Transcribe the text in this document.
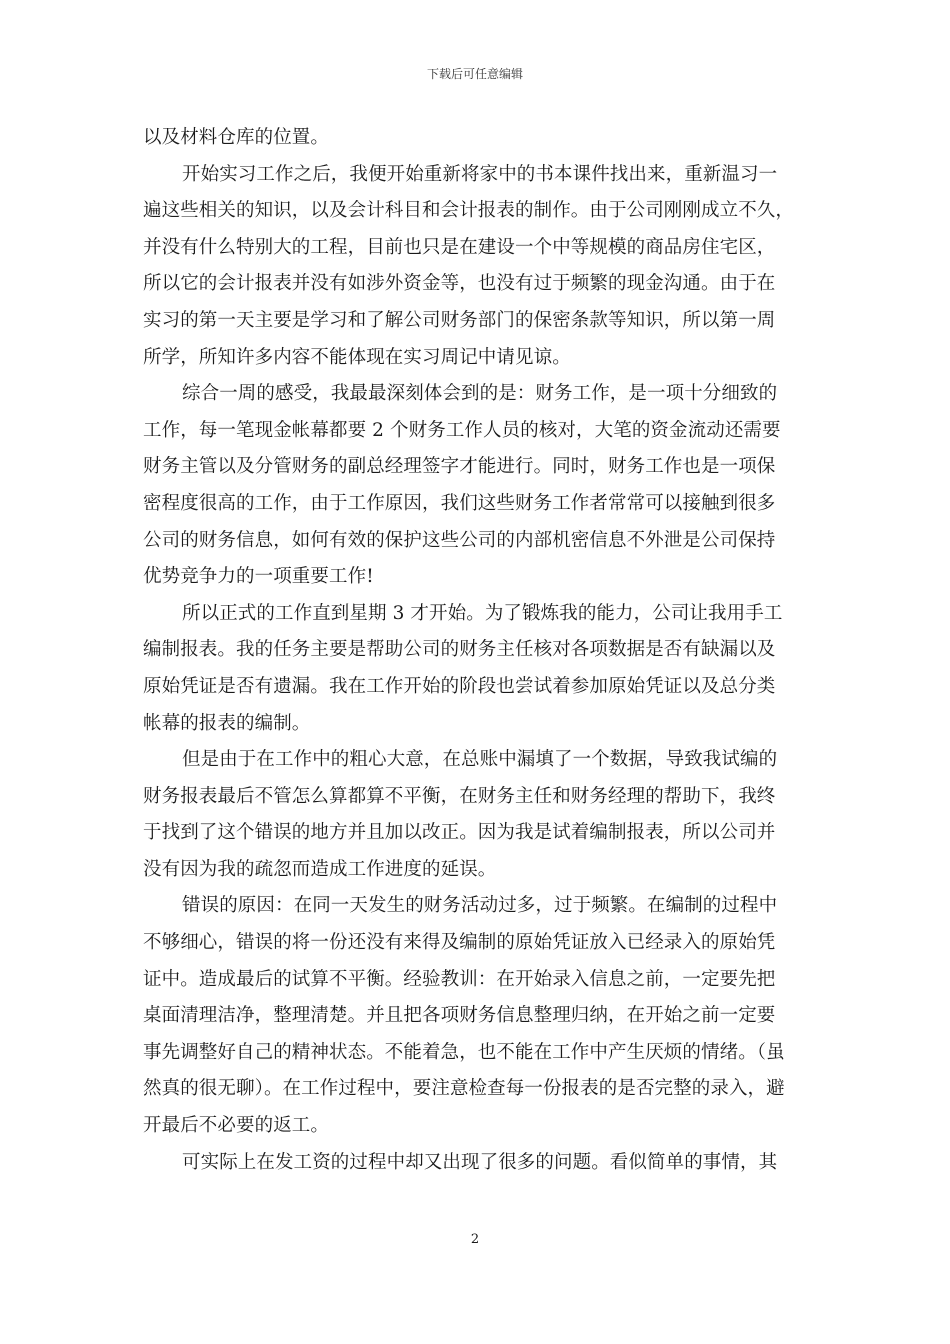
下载后可任意编辑

以及材料仓库的位置。

开始实习工作之后，我便开始重新将家中的书本课件找出来，重新温习一
遍这些相关的知识，以及会计科目和会计报表的制作。由于公司刚刚成立不久，
并没有什么特别大的工程，目前也只是在建设一个中等规模的商品房住宅区，
所以它的会计报表并没有如涉外资金等，也没有过于频繁的现金沟通。由于在
实习的第一天主要是学习和了解公司财务部门的保密条款等知识，所以第一周
所学，所知许多内容不能体现在实习周记中请见谅。

综合一周的感受，我最最深刻体会到的是：财务工作，是一项十分细致的
工作，每一笔现金帐幕都要 2 个财务工作人员的核对，大笔的资金流动还需要
财务主管以及分管财务的副总经理签字才能进行。同时，财务工作也是一项保
密程度很高的工作，由于工作原因，我们这些财务工作者常常可以接触到很多
公司的财务信息，如何有效的保护这些公司的内部机密信息不外泄是公司保持
优势竞争力的一项重要工作!

所以正式的工作直到星期 3 才开始。为了锻炼我的能力，公司让我用手工
编制报表。我的任务主要是帮助公司的财务主任核对各项数据是否有缺漏以及
原始凭证是否有遗漏。我在工作开始的阶段也尝试着参加原始凭证以及总分类
帐幕的报表的编制。

但是由于在工作中的粗心大意，在总账中漏填了一个数据，导致我试编的
财务报表最后不管怎么算都算不平衡，在财务主任和财务经理的帮助下，我终
于找到了这个错误的地方并且加以改正。因为我是试着编制报表，所以公司并
没有因为我的疏忽而造成工作进度的延误。

错误的原因：在同一天发生的财务活动过多，过于频繁。在编制的过程中
不够细心，错误的将一份还没有来得及编制的原始凭证放入已经录入的原始凭
证中。造成最后的试算不平衡。经验教训：在开始录入信息之前，一定要先把
桌面清理洁净，整理清楚。并且把各项财务信息整理归纳，在开始之前一定要
事先调整好自己的精神状态。不能着急，也不能在工作中产生厌烦的情绪。（虽
然真的很无聊）。在工作过程中，要注意检查每一份报表的是否完整的录入，避
开最后不必要的返工。

可实际上在发工资的过程中却又出现了很多的问题。看似简单的事情，其

2
